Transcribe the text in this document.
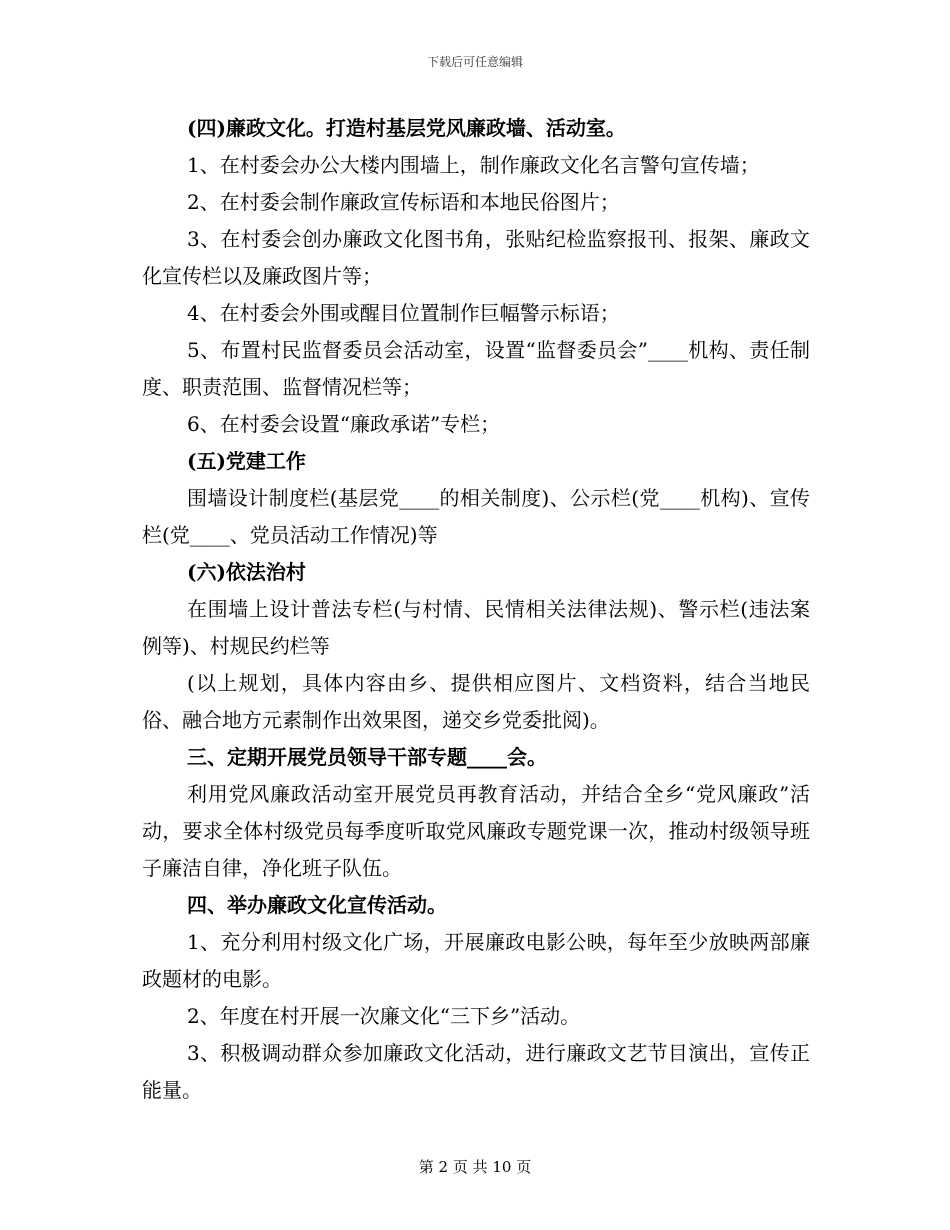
下载后可任意编辑

(四)廉政文化。打造村基层党风廉政墙、活动室。

1、在村委会办公大楼内围墙上，制作廉政文化名言警句宣传墙；

2、在村委会制作廉政宣传标语和本地民俗图片；

3、在村委会创办廉政文化图书角，张贴纪检监察报刊、报架、廉政文化宣传栏以及廉政图片等；

4、在村委会外围或醒目位置制作巨幅警示标语；

5、布置村民监督委员会活动室，设置“监督委员会”____机构、责任制度、职责范围、监督情况栏等；

6、在村委会设置“廉政承诺”专栏；

(五)党建工作

围墙设计制度栏(基层党____的相关制度)、公示栏(党____机构)、宣传栏(党____、党员活动工作情况)等

(六)依法治村

在围墙上设计普法专栏(与村情、民情相关法律法规)、警示栏(违法案例等)、村规民约栏等

(以上规划，具体内容由乡、提供相应图片、文档资料，结合当地民俗、融合地方元素制作出效果图，递交乡党委批阅)。

三、定期开展党员领导干部专题____会。

利用党风廉政活动室开展党员再教育活动，并结合全乡“党风廉政”活动，要求全体村级党员每季度听取党风廉政专题党课一次，推动村级领导班子廉洁自律，净化班子队伍。

四、举办廉政文化宣传活动。

1、充分利用村级文化广场，开展廉政电影公映，每年至少放映两部廉政题材的电影。

2、年度在村开展一次廉文化“三下乡”活动。

3、积极调动群众参加廉政文化活动，进行廉政文艺节目演出，宣传正能量。

第 2 页 共 10 页
